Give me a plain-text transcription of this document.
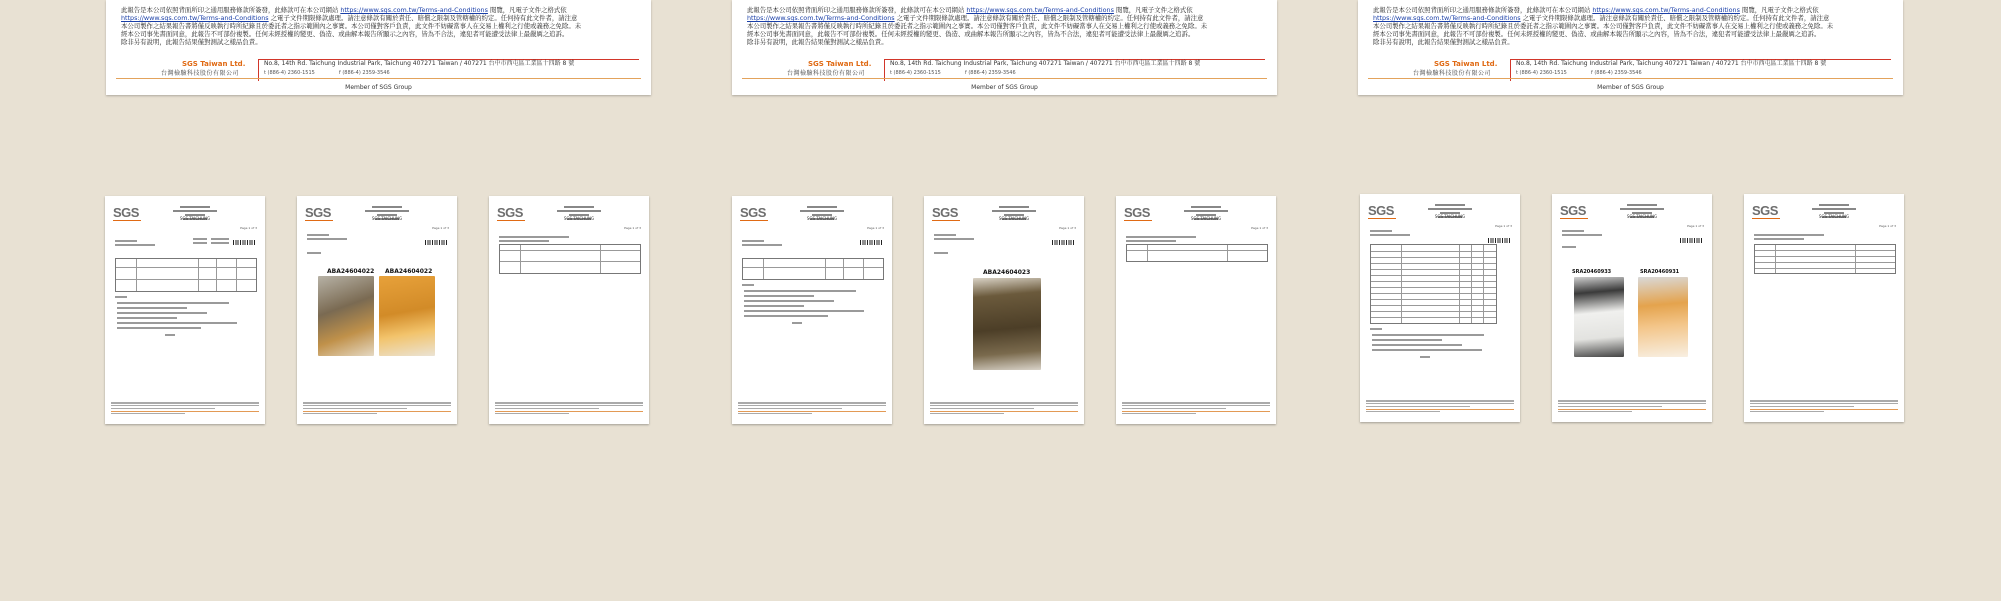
此報告是本公司依照背面所印之通用服務條款所簽發，此條款可在本公司網站 https://www.sgs.com.tw/Terms-and-Conditions 閱覽，凡電子文件之格式依
https://www.sgs.com.tw/Terms-and-Conditions 之電子文件期限條款處理。請注意條款有關於責任、賠償之限制及管轄權的約定。任何持有此文件者，請注意
本公司製作之結果報告書將僅反映執行時所紀錄且於委託者之指示範圍內之事實。本公司僅對客戶負責，此文件不妨礙當事人在交易上權利之行使或義務之免除。未
經本公司事先書面同意，此報告不可部份複製。任何未經授權的變更、偽造、或曲解本報告所顯示之內容，皆為不合法，違犯者可能遭受法律上最嚴厲之追訴。
除非另有說明，此報告結果僅對測試之樣品負責。
SGS Taiwan Ltd.
台灣檢驗科技股份有限公司
No.8, 14th Rd. Taichung Industrial Park, Taichung 407271 Taiwan / 407271 台中市西屯區工業區十四路 8 號
t (886-4) 2360-1515	f (886-4) 2359-3546
Member of SGS Group
此報告是本公司依照背面所印之通用服務條款所簽發，此條款可在本公司網站 https://www.sgs.com.tw/Terms-and-Conditions 閱覽，凡電子文件之格式依
https://www.sgs.com.tw/Terms-and-Conditions 之電子文件期限條款處理。請注意條款有關於責任、賠償之限制及管轄權的約定。任何持有此文件者，請注意
本公司製作之結果報告書將僅反映執行時所紀錄且於委託者之指示範圍內之事實。本公司僅對客戶負責，此文件不妨礙當事人在交易上權利之行使或義務之免除。未
經本公司事先書面同意，此報告不可部份複製。任何未經授權的變更、偽造、或曲解本報告所顯示之內容，皆為不合法，違犯者可能遭受法律上最嚴厲之追訴。
除非另有說明，此報告結果僅對測試之樣品負責。
SGS Taiwan Ltd.
台灣檢驗科技股份有限公司
No.8, 14th Rd. Taichung Industrial Park, Taichung 407271 Taiwan / 407271 台中市西屯區工業區十四路 8 號
t (886-4) 2360-1515	f (886-4) 2359-3546
Member of SGS Group
此報告是本公司依照背面所印之通用服務條款所簽發，此條款可在本公司網站 https://www.sgs.com.tw/Terms-and-Conditions 閱覽，凡電子文件之格式依
https://www.sgs.com.tw/Terms-and-Conditions 之電子文件期限條款處理。請注意條款有關於責任、賠償之限制及管轄權的約定。任何持有此文件者，請注意
本公司製作之結果報告書將僅反映執行時所紀錄且於委託者之指示範圍內之事實。本公司僅對客戶負責，此文件不妨礙當事人在交易上權利之行使或義務之免除。未
經本公司事先書面同意，此報告不可部份複製。任何未經授權的變更、偽造、或曲解本報告所顯示之內容，皆為不合法，違犯者可能遭受法律上最嚴厲之追訴。
除非另有說明，此報告結果僅對測試之樣品負責。
SGS Taiwan Ltd.
台灣檢驗科技股份有限公司
No.8, 14th Rd. Taichung Industrial Park, Taichung 407271 Taiwan / 407271 台中市西屯區工業區十四路 8 號
t (886-4) 2360-1515	f (886-4) 2359-3546
Member of SGS Group
SGS	SGS TAICHUNG
Page 1 of 3
SGS	SGS TAICHUNG
Page 1 of 3
ABA24604022 ABA24604022
SGS	SGS TAICHUNG
Page 1 of 3
SGS	SGS TAICHUNG
Page 1 of 3
SGS	SGS TAICHUNG
Page 1 of 3
ABA24604023
SGS	SGS TAICHUNG
Page 1 of 3
SGS	SGS TAICHUNG
Page 1 of 3
SGS	SGS TAICHUNG
Page 1 of 3
SRA20460933	SRA20460931
SGS	SGS TAICHUNG
Page 1 of 3
